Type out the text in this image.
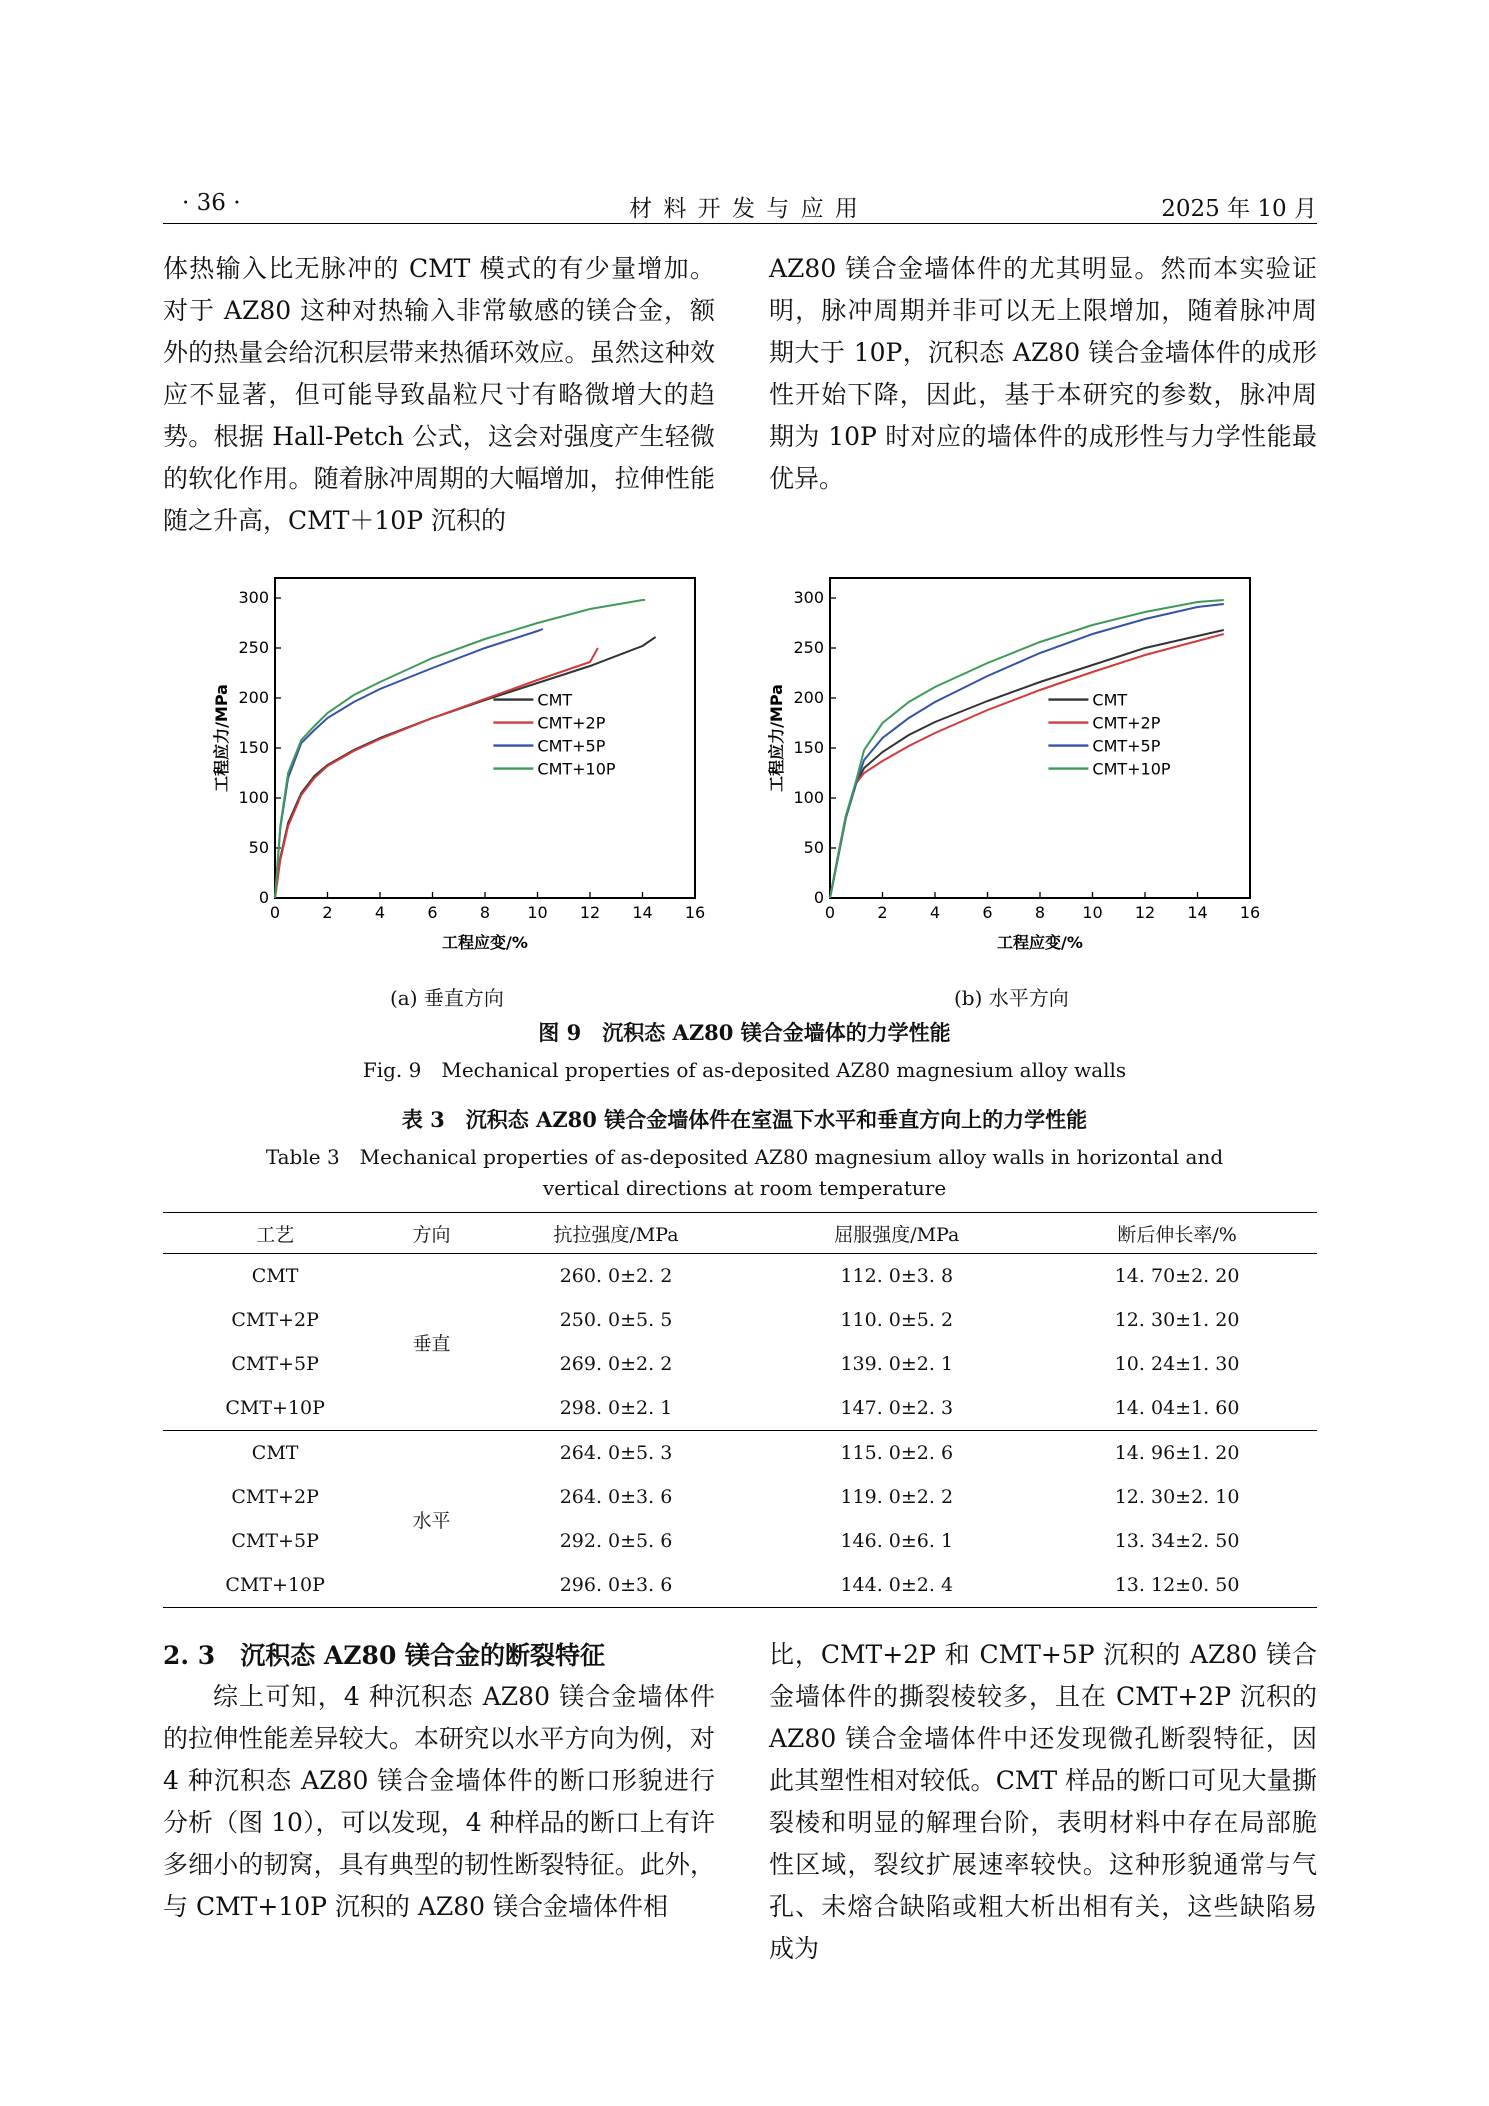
· 36 ·	材 料 开 发 与 应 用	2025 年 10 月

体热输入比无脉冲的 CMT 模式的有少量增加。对于 AZ80 这种对热输入非常敏感的镁合金，额外的热量会给沉积层带来热循环效应。虽然这种效应不显著，但可能导致晶粒尺寸有略微增大的趋势。根据 Hall-Petch 公式，这会对强度产生轻微的软化作用。随着脉冲周期的大幅增加，拉伸性能随之升高，CMT＋10P 沉积的

AZ80 镁合金墙体件的尤其明显。然而本实验证明，脉冲周期并非可以无上限增加，随着脉冲周期大于 10P，沉积态 AZ80 镁合金墙体件的成形性开始下降，因此，基于本研究的参数，脉冲周期为 10P 时对应的墙体件的成形性与力学性能最优异。

0	2	4	6	8 10 12 14 16
0
50
100
150
200
250
300
工程应变/%
工程应力/MPa	CMT
CMT+2P
CMT+5P
CMT+10P
0	2	4	6	8 10 12 14 16
0
50
100
150
200
250
300
工程应变/%
工程应力/MPa	CMT
CMT+2P
CMT+5P
CMT+10P
(a) 垂直方向	(b) 水平方向
图 9　沉积态 AZ80 镁合金墙体的力学性能
Fig. 9　Mechanical properties of as-deposited AZ80 magnesium alloy walls
表 3　沉积态 AZ80 镁合金墙体件在室温下水平和垂直方向上的力学性能
Table 3　Mechanical properties of as-deposited AZ80 magnesium alloy walls in horizontal and
vertical directions at room temperature
工艺	方向	抗拉强度/MPa	屈服强度/MPa	断后伸长率/%
CMT	垂直	260. 0±2. 2	112. 0±3. 8	14. 70±2. 20
CMT+2P		250. 0±5. 5	110. 0±5. 2	12. 30±1. 20
CMT+5P		269. 0±2. 2	139. 0±2. 1	10. 24±1. 30
CMT+10P		298. 0±2. 1	147. 0±2. 3	14. 04±1. 60
CMT	水平	264. 0±5. 3	115. 0±2. 6	14. 96±1. 20
CMT+2P		264. 0±3. 6	119. 0±2. 2	12. 30±2. 10
CMT+5P		292. 0±5. 6	146. 0±6. 1	13. 34±2. 50
CMT+10P		296. 0±3. 6	144. 0±2. 4	13. 12±0. 50
2. 3　沉积态 AZ80 镁合金的断裂特征

综上可知，4 种沉积态 AZ80 镁合金墙体件的拉伸性能差异较大。本研究以水平方向为例，对 4 种沉积态 AZ80 镁合金墙体件的断口形貌进行分析（图 10），可以发现，4 种样品的断口上有许多细小的韧窝，具有典型的韧性断裂特征。此外，与 CMT+10P 沉积的 AZ80 镁合金墙体件相

比，CMT+2P 和 CMT+5P 沉积的 AZ80 镁合金墙体件的撕裂棱较多，且在 CMT+2P 沉积的 AZ80 镁合金墙体件中还发现微孔断裂特征，因此其塑性相对较低。CMT 样品的断口可见大量撕裂棱和明显的解理台阶，表明材料中存在局部脆性区域，裂纹扩展速率较快。这种形貌通常与气孔、未熔合缺陷或粗大析出相有关，这些缺陷易成为
